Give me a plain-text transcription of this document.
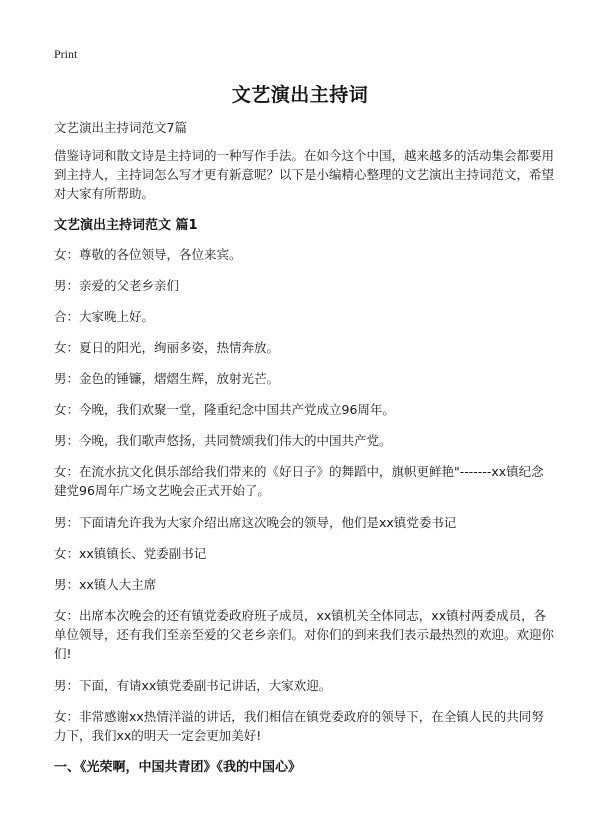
Print
文艺演出主持词

文艺演出主持词范文7篇

借鉴诗词和散文诗是主持词的一种写作手法。在如今这个中国，越来越多的活动集会都要用到主持人，主持词怎么写才更有新意呢？以下是小编精心整理的文艺演出主持词范文，希望对大家有所帮助。

文艺演出主持词范文 篇1

女：尊敬的各位领导，各位来宾。

男：亲爱的父老乡亲们

合：大家晚上好。

女：夏日的阳光，绚丽多姿，热情奔放。

男：金色的锤镰，熠熠生辉，放射光芒。

女：今晚，我们欢聚一堂，隆重纪念中国共产党成立96周年。

男：今晚，我们歌声悠扬，共同赞颂我们伟大的中国共产党。

女：在流水抗文化俱乐部给我们带来的《好日子》的舞蹈中，旗帜更鲜艳"-------xx镇纪念建党96周年广场文艺晚会正式开始了。

男：下面请允许我为大家介绍出席这次晚会的领导，他们是xx镇党委书记

女：xx镇镇长、党委副书记

男：xx镇人大主席

女：出席本次晚会的还有镇党委政府班子成员，xx镇机关全体同志，xx镇村两委成员，各单位领导，还有我们至亲至爱的父老乡亲们。对你们的到来我们表示最热烈的欢迎。欢迎你们!

男：下面，有请xx镇党委副书记讲话，大家欢迎。

女：非常感谢xx热情洋溢的讲话，我们相信在镇党委政府的领导下，在全镇人民的共同努力下，我们xx的明天一定会更加美好!

一、《光荣啊，中国共青团》《我的中国心》
